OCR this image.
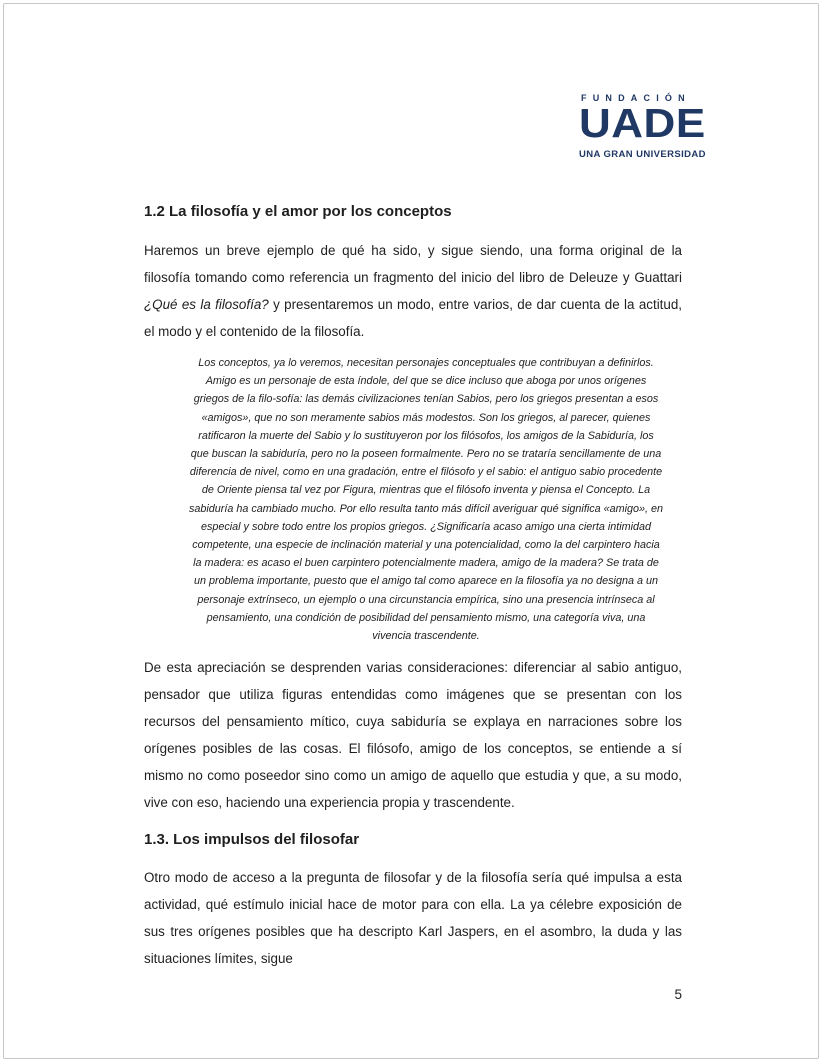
FUNDACIÓN
UADE
UNA GRAN UNIVERSIDAD
1.2 La filosofía y el amor por los conceptos

Haremos un breve ejemplo de qué ha sido, y sigue siendo, una forma original de la filosofía tomando como referencia un fragmento del inicio del libro de Deleuze y Guattari ¿Qué es la filosofía? y presentaremos un modo, entre varios, de dar cuenta de la actitud, el modo y el contenido de la filosofía.

Los conceptos, ya lo veremos, necesitan personajes conceptuales que contribuyan a definirlos. Amigo es un personaje de esta índole, del que se dice incluso que aboga por unos orígenes griegos de la filo-sofía: las demás civilizaciones tenían Sabios, pero los griegos presentan a esos «amigos», que no son meramente sabios más modestos. Son los griegos, al parecer, quienes ratificaron la muerte del Sabio y lo sustituyeron por los filósofos, los amigos de la Sabiduría, los que buscan la sabiduría, pero no la poseen formalmente. Pero no se trataría sencillamente de una diferencia de nivel, como en una gradación, entre el filósofo y el sabio: el antiguo sabio procedente de Oriente piensa tal vez por Figura, mientras que el filósofo inventa y piensa el Concepto. La sabiduría ha cambiado mucho. Por ello resulta tanto más difícil averiguar qué significa «amigo», en especial y sobre todo entre los propios griegos. ¿Significaría acaso amigo una cierta intimidad competente, una especie de inclinación material y una potencialidad, como la del carpintero hacia la madera: es acaso el buen carpintero potencialmente madera, amigo de la madera? Se trata de un problema importante, puesto que el amigo tal como aparece en la filosofía ya no designa a un personaje extrínseco, un ejemplo o una circunstancia empírica, sino una presencia intrínseca al pensamiento, una condición de posibilidad del pensamiento mismo, una categoría viva, una vivencia trascendente.

De esta apreciación se desprenden varias consideraciones: diferenciar al sabio antiguo, pensador que utiliza figuras entendidas como imágenes que se presentan con los recursos del pensamiento mítico, cuya sabiduría se explaya en narraciones sobre los orígenes posibles de las cosas. El filósofo, amigo de los conceptos, se entiende a sí mismo no como poseedor sino como un amigo de aquello que estudia y que, a su modo, vive con eso, haciendo una experiencia propia y trascendente.

1.3. Los impulsos del filosofar

Otro modo de acceso a la pregunta de filosofar y de la filosofía sería qué impulsa a esta actividad, qué estímulo inicial hace de motor para con ella. La ya célebre exposición de sus tres orígenes posibles que ha descripto Karl Jaspers, en el asombro, la duda y las situaciones límites, sigue

5
